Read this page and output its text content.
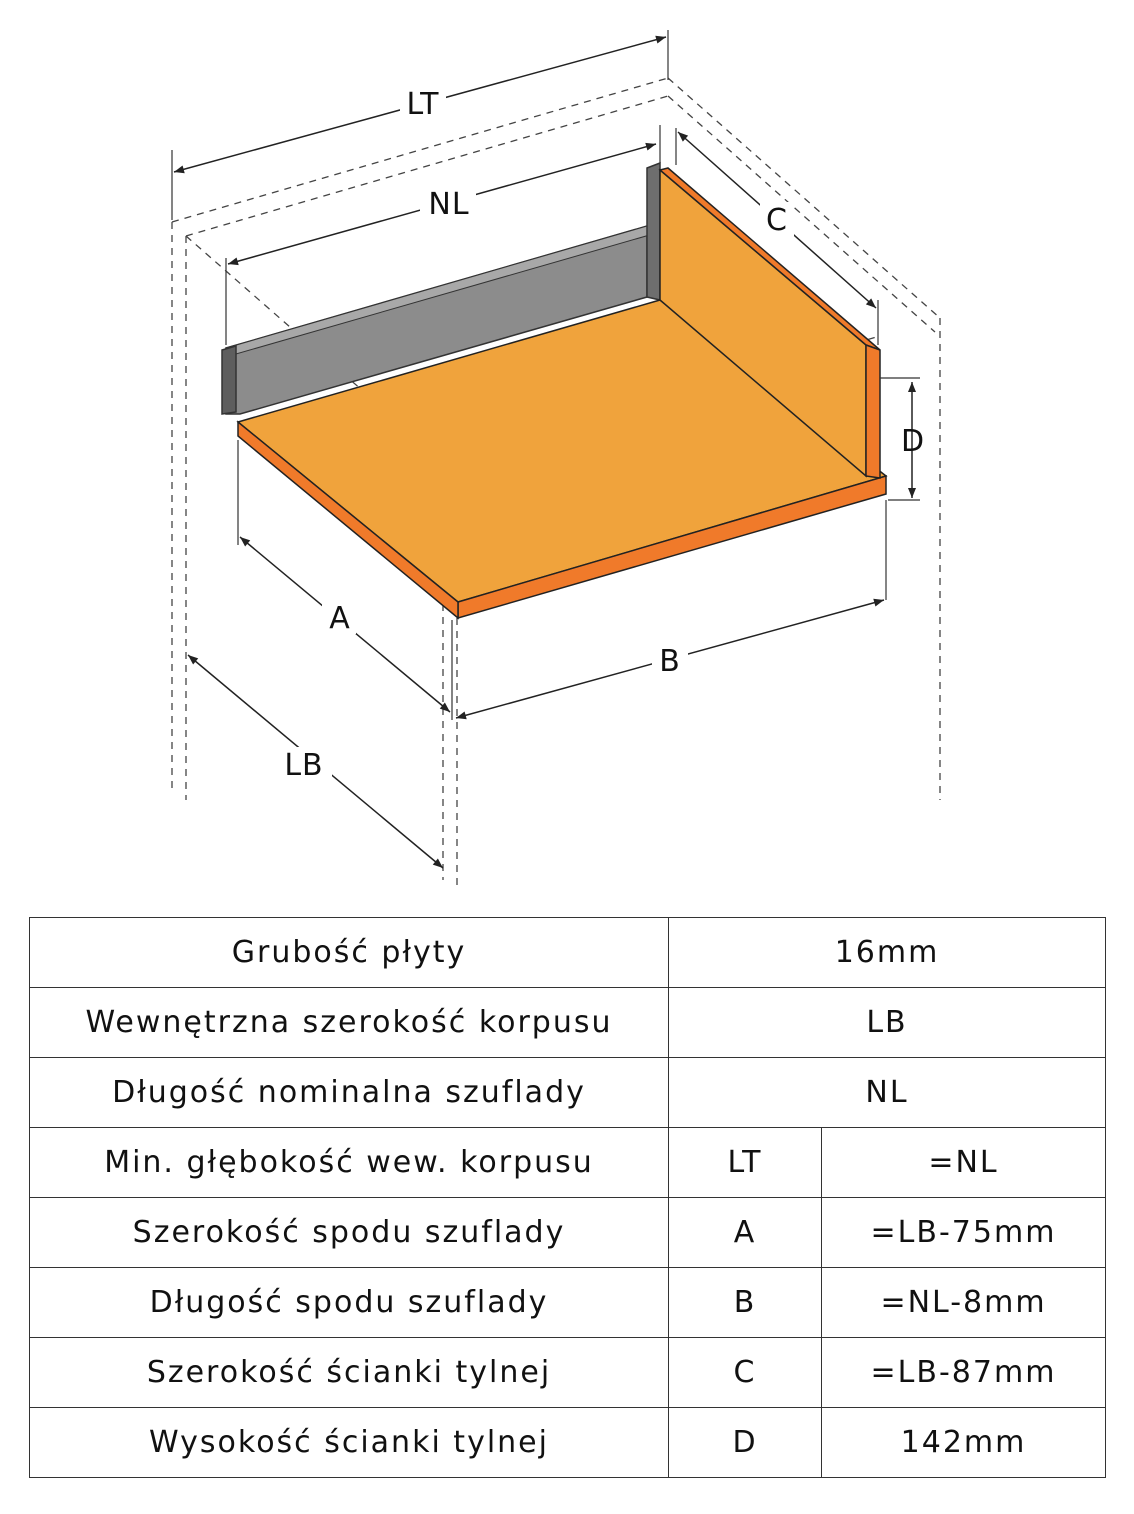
LT
NL	C
D
A
B
LB
Grubość płyty	16mm	
Wewnętrzna szerokość korpusu	LB	
Długość nominalna szuflady	NL	
Min. głębokość wew. korpusu	LT	=NL
Szerokość spodu szuflady	A	=LB-75mm
Długość spodu szuflady	B	=NL-8mm
Szerokość ścianki tylnej	C	=LB-87mm
Wysokość ścianki tylnej	D	142mm
